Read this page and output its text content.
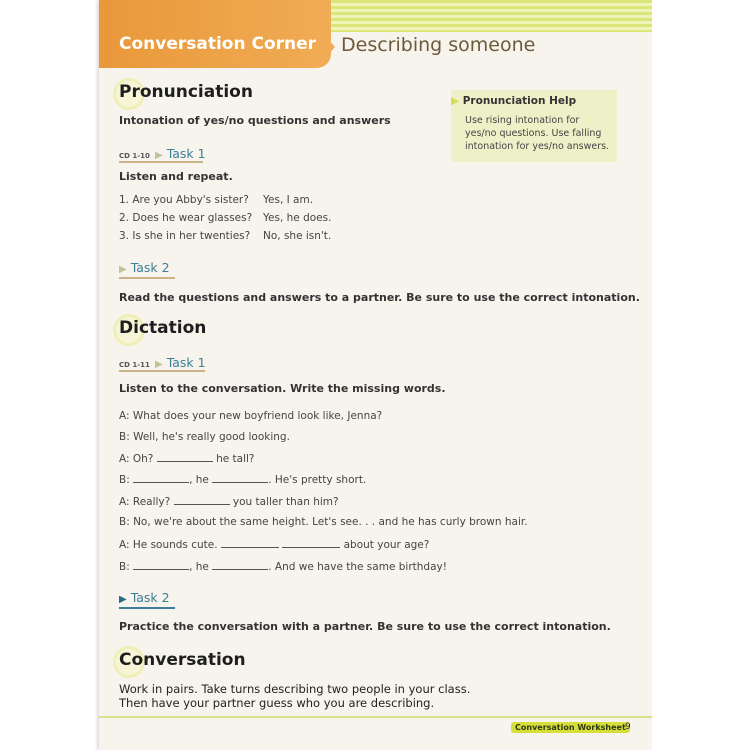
Conversation Corner Describing someone
Pronunciation
Intonation of yes/no questions and answers
CD 1-10 ▶ Task 1
Listen and repeat.
1. Are you Abby's sister? Yes, I am.
2. Does he wear glasses? Yes, he does.
3. Is she in her twenties? No, she isn't.
▶ Task 2
Read the questions and answers to a partner. Be sure to use the correct intonation.
▶ Pronunciation Help
Use rising intonation for
yes/no questions. Use falling
intonation for yes/no answers.
Dictation
CD 1-11 ▶ Task 1
Listen to the conversation. Write the missing words.
A: What does your new boyfriend look like, Jenna?
B: Well, he's really good looking.
A: Oh?	he tall?
B:	, he	. He's pretty short.
A: Really?	you taller than him?
B: No, we're about the same height. Let's see. . . and he has curly brown hair.
A: He sounds cute.	about your age?
B:	, he	. And we have the same birthday!
▶ Task 2
Practice the conversation with a partner. Be sure to use the correct intonation.
Conversation
Work in pairs. Take turns describing two people in your class.
Then have your partner guess who you are describing.
Conversation Worksheet 9
